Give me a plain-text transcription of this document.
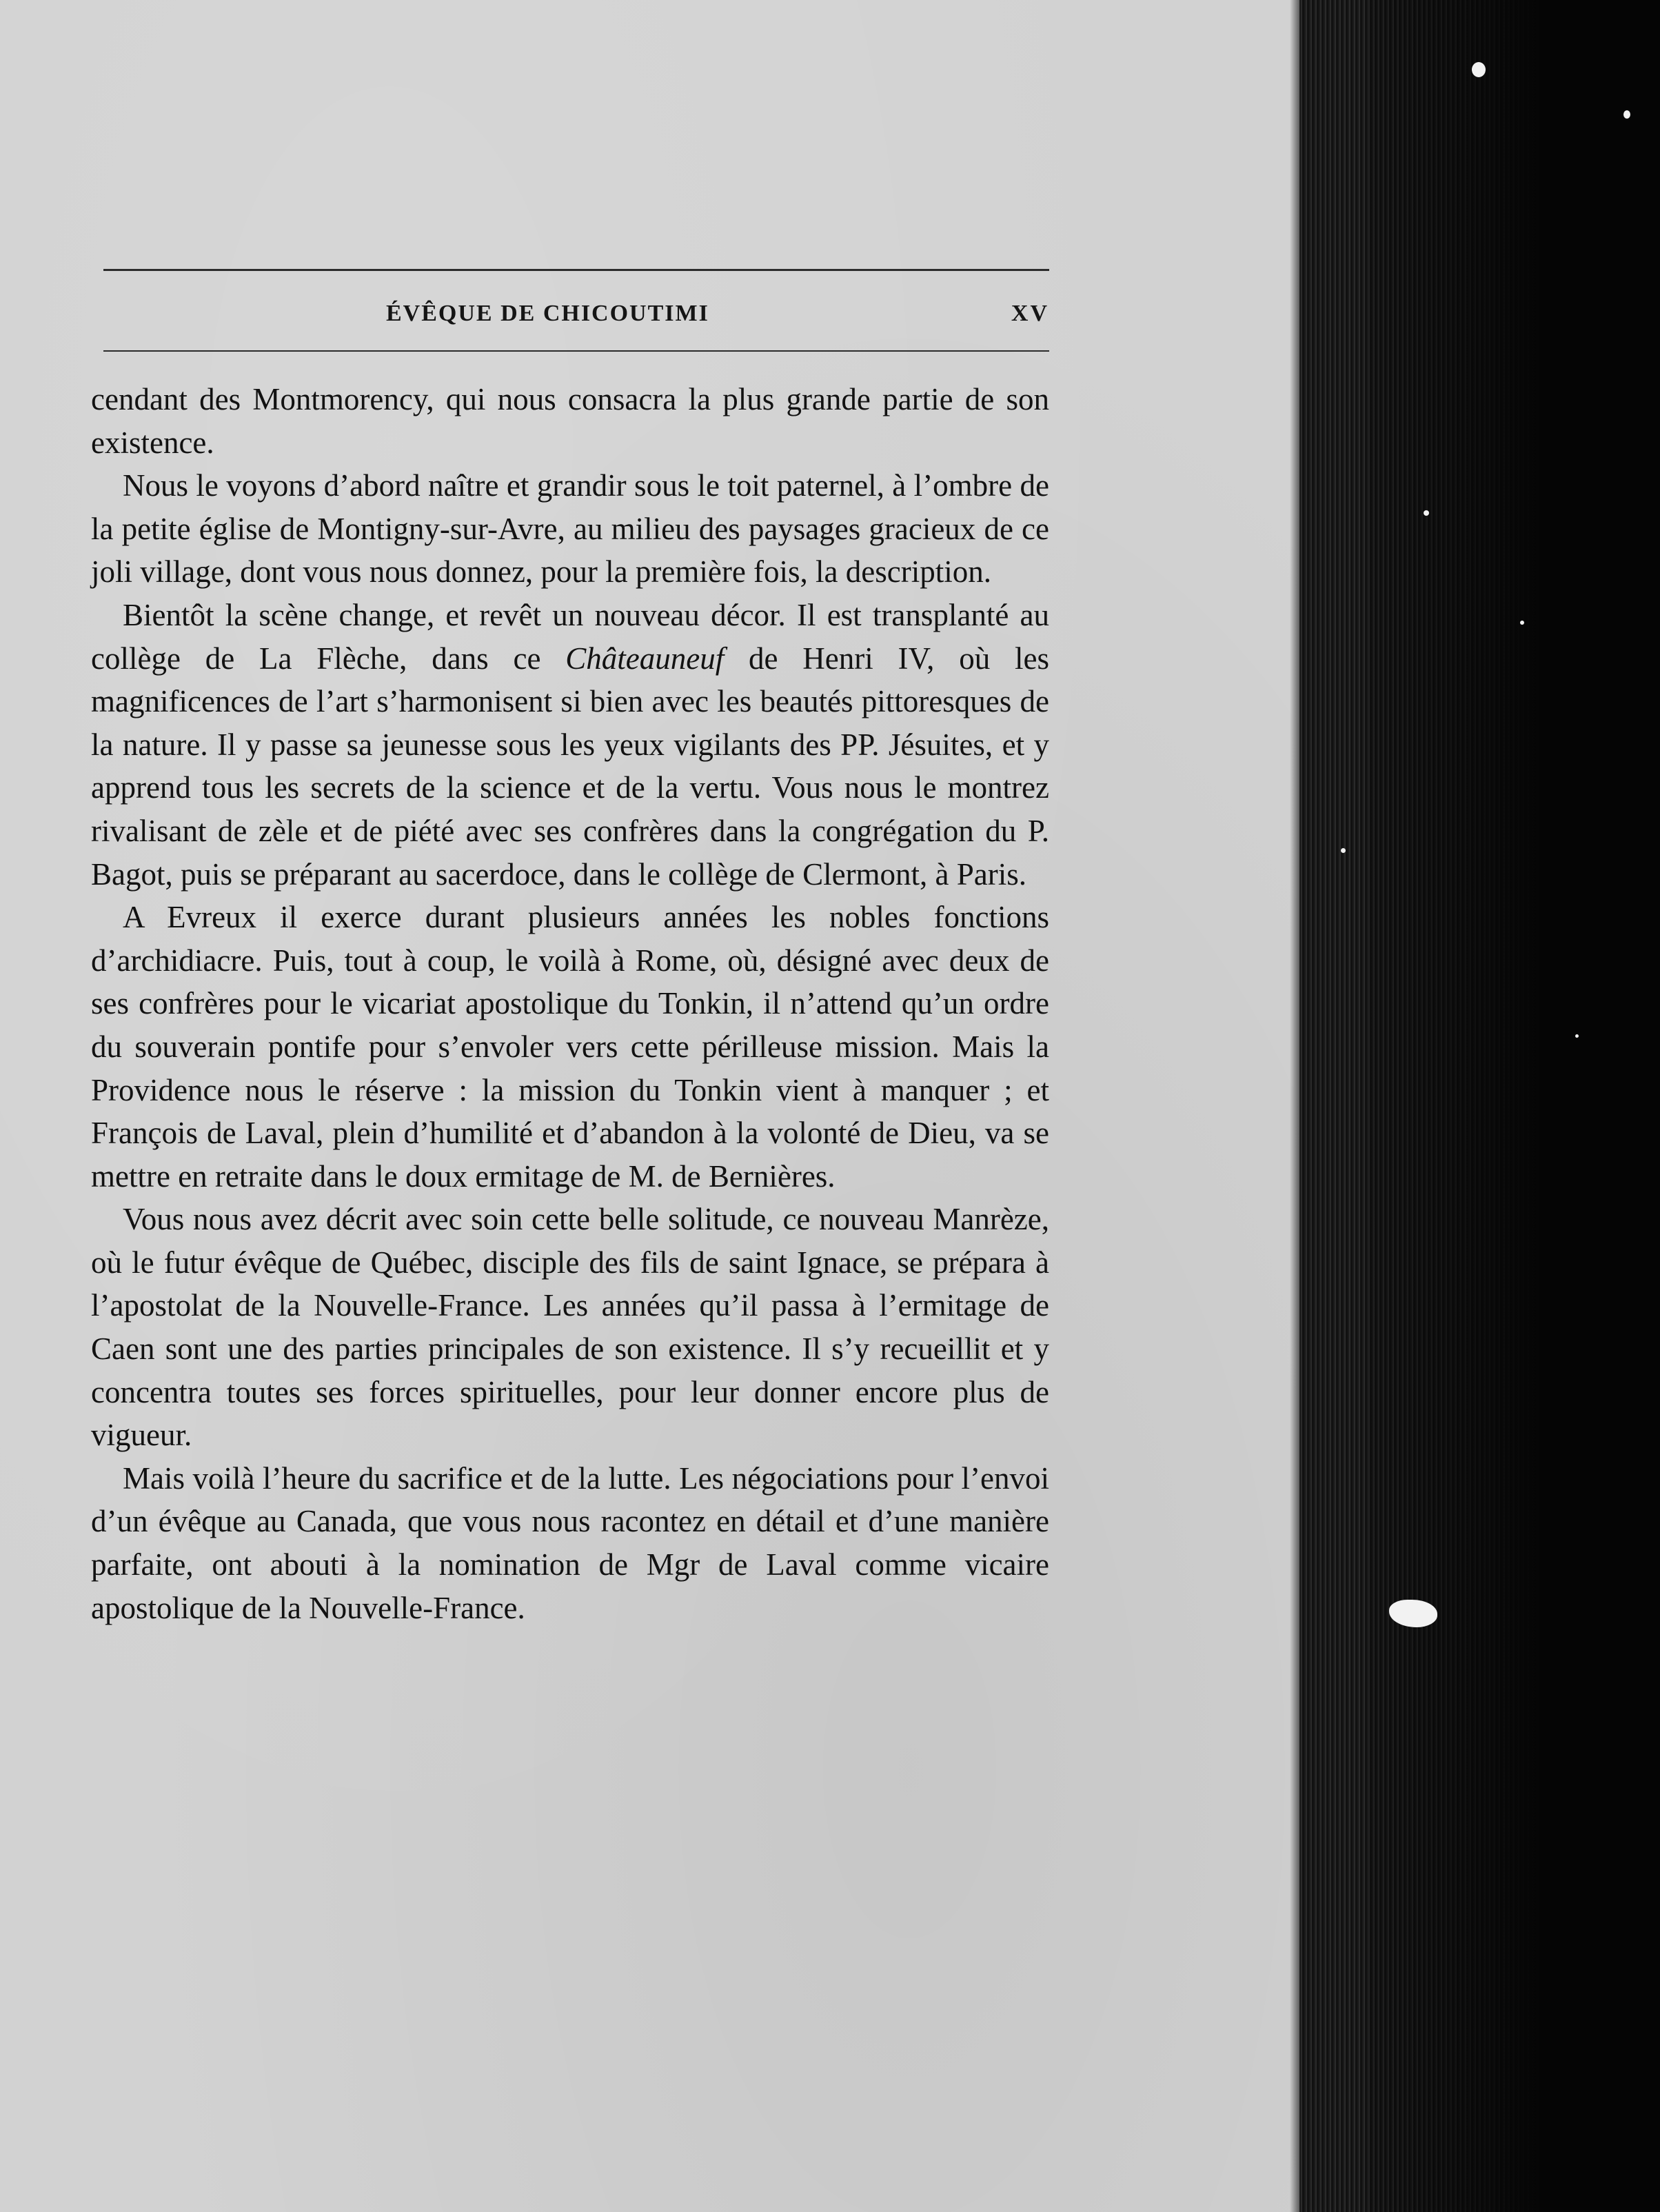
ÉVÊQUE DE CHICOUTIMI	XV

cendant des Montmorency, qui nous consacra la plus grande partie de son existence.

Nous le voyons d’abord naître et grandir sous le toit paternel, à l’ombre de la petite église de Montigny-sur-Avre, au milieu des paysages gracieux de ce joli village, dont vous nous donnez, pour la première fois, la description.

Bientôt la scène change, et revêt un nouveau décor. Il est transplanté au collège de La Flèche, dans ce Châteauneuf de Henri IV, où les magnificences de l’art s’harmonisent si bien avec les beautés pittoresques de la nature. Il y passe sa jeunesse sous les yeux vigilants des PP. Jésuites, et y apprend tous les secrets de la science et de la vertu. Vous nous le montrez rivalisant de zèle et de piété avec ses confrères dans la congrégation du P. Bagot, puis se préparant au sacerdoce, dans le collège de Clermont, à Paris.

A Evreux il exerce durant plusieurs années les nobles fonctions d’archidiacre. Puis, tout à coup, le voilà à Rome, où, désigné avec deux de ses confrères pour le vicariat apostolique du Tonkin, il n’attend qu’un ordre du souverain pontife pour s’envoler vers cette périlleuse mission. Mais la Providence nous le réserve : la mission du Tonkin vient à manquer ; et François de Laval, plein d’humilité et d’abandon à la volonté de Dieu, va se mettre en retraite dans le doux ermitage de M. de Bernières.

Vous nous avez décrit avec soin cette belle solitude, ce nouveau Manrèze, où le futur évêque de Québec, disciple des fils de saint Ignace, se prépara à l’apostolat de la Nouvelle-France. Les années qu’il passa à l’ermitage de Caen sont une des parties principales de son existence. Il s’y recueillit et y concentra toutes ses forces spirituelles, pour leur donner encore plus de vigueur.

Mais voilà l’heure du sacrifice et de la lutte. Les négociations pour l’envoi d’un évêque au Canada, que vous nous racontez en détail et d’une manière parfaite, ont abouti à la nomination de Mgr de Laval comme vicaire apostolique de la Nouvelle-France.
